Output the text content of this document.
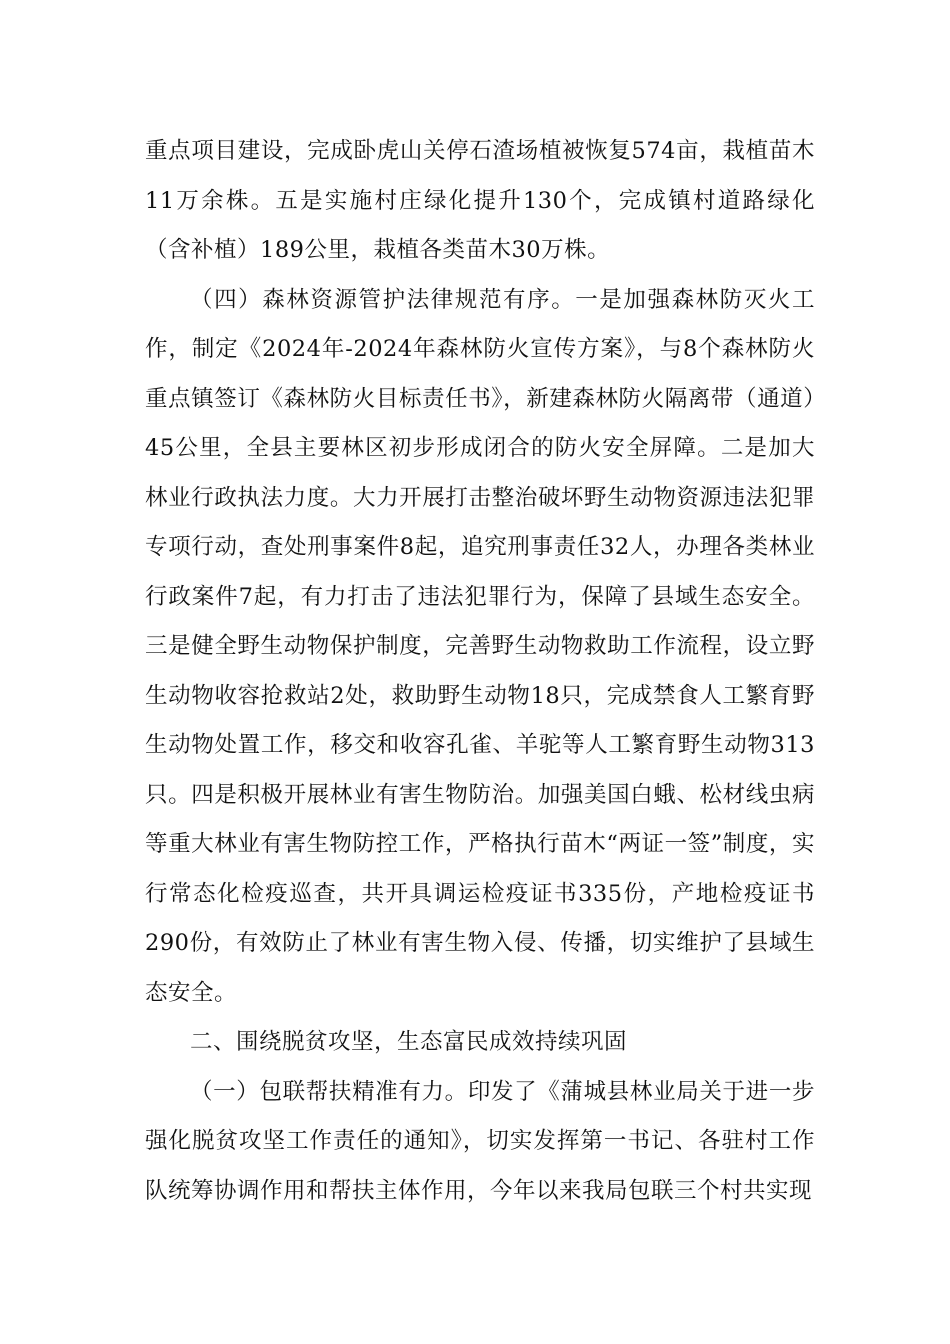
重点项目建设，完成卧虎山关停石渣场植被恢复574亩，栽植苗木11万余株。五是实施村庄绿化提升130个，完成镇村道路绿化（含补植）189公里，栽植各类苗木30万株。

（四）森林资源管护法律规范有序。一是加强森林防灭火工作，制定《2024年-2024年森林防火宣传方案》，与8个森林防火重点镇签订《森林防火目标责任书》，新建森林防火隔离带（通道）45公里，全县主要林区初步形成闭合的防火安全屏障。二是加大林业行政执法力度。大力开展打击整治破坏野生动物资源违法犯罪专项行动，查处刑事案件8起，追究刑事责任32人，办理各类林业行政案件7起，有力打击了违法犯罪行为，保障了县域生态安全。三是健全野生动物保护制度，完善野生动物救助工作流程，设立野生动物收容抢救站2处，救助野生动物18只，完成禁食人工繁育野生动物处置工作，移交和收容孔雀、羊驼等人工繁育野生动物313只。四是积极开展林业有害生物防治。加强美国白蛾、松材线虫病等重大林业有害生物防控工作，严格执行苗木“两证一签”制度，实行常态化检疫巡查，共开具调运检疫证书335份，产地检疫证书290份，有效防止了林业有害生物入侵、传播，切实维护了县域生态安全。

二、围绕脱贫攻坚，生态富民成效持续巩固

（一）包联帮扶精准有力。印发了《蒲城县林业局关于进一步强化脱贫攻坚工作责任的通知》，切实发挥第一书记、各驻村工作队统筹协调作用和帮扶主体作用，今年以来我局包联三个村共实现
